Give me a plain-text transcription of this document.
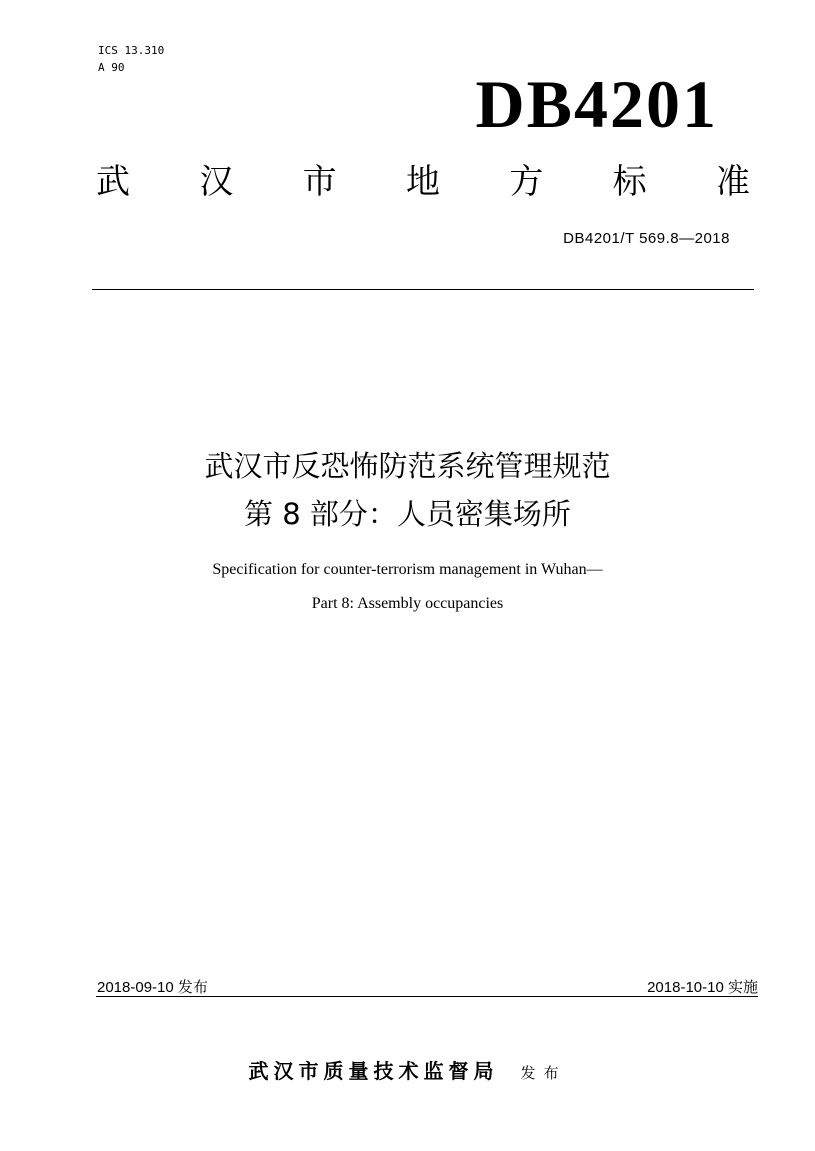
ICS 13.310
A 90	DB4201
武 汉 市 地 方 标 准
DB4201/T 569.8—2018
武汉市反恐怖防范系统管理规范
第 8 部分：人员密集场所
Specification for counter-terrorism management in Wuhan—
Part 8: Assembly occupancies
2018-09-10 发布	2018-10-10 实施
武汉市质量技术监督局 发布
